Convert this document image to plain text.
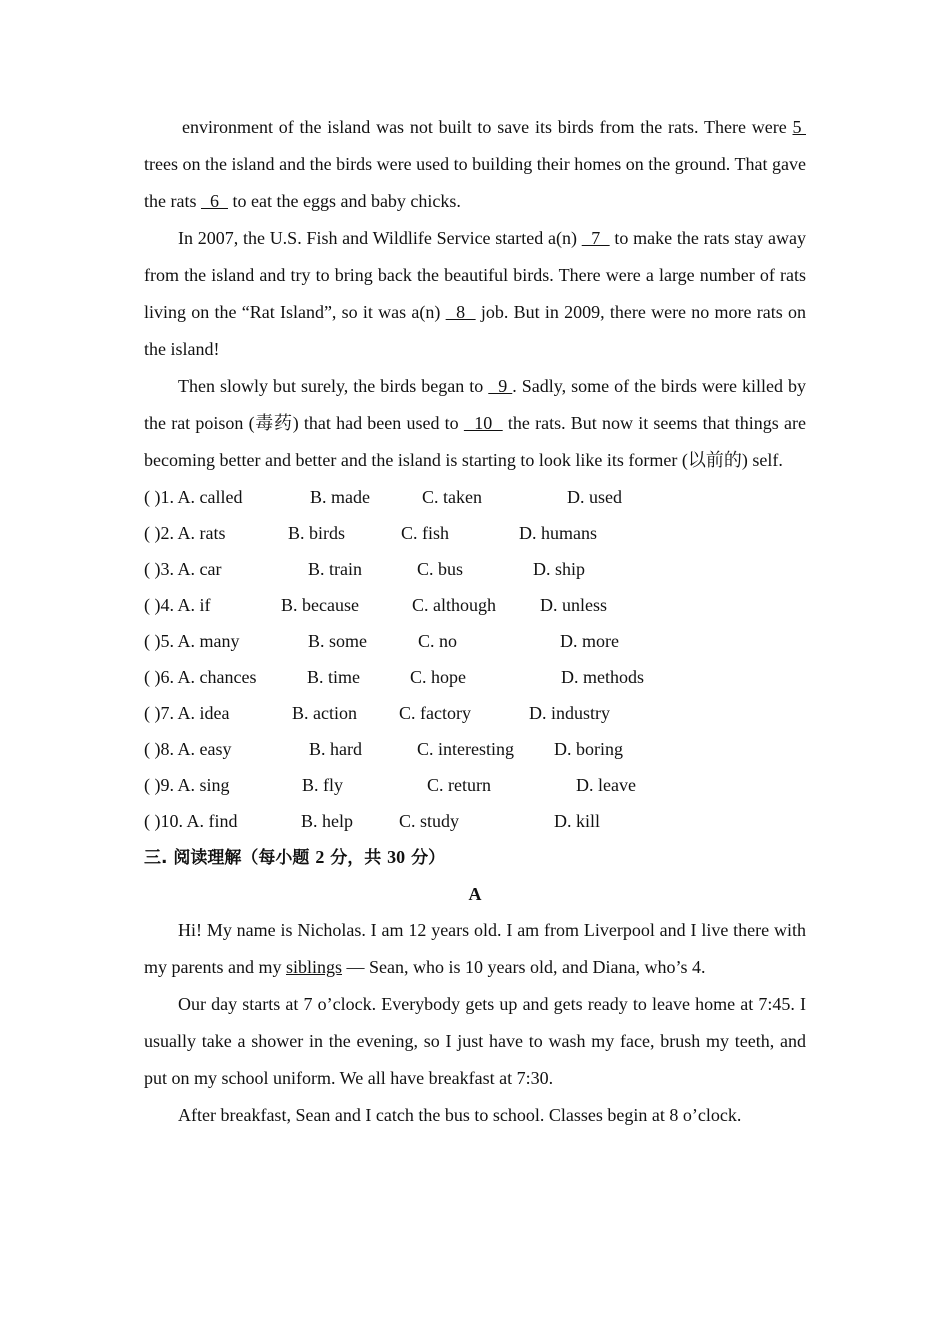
environment of the island was not built to save its birds from the rats. There were 5  trees on the island and the birds were used to building their homes on the ground. That gave the rats   6   to eat the eggs and baby chicks.

In 2007, the U.S. Fish and Wildlife Service started a(n)   7   to make the rats stay away from the island and try to bring back the beautiful birds. There were a large number of rats living on the “Rat Island”, so it was a(n)   8   job. But in 2009, there were no more rats on the island!

Then slowly but surely, the birds began to   9 . Sadly, some of the birds were killed by the rat poison (毒药) that had been used to   10   the rats. But now it seems that things are becoming better and better and the island is starting to look like its former (以前的) self.

( )1. A. called	B. made	C. taken	D. used
( )2. A. rats	B. birds	C. fish	D. humans
( )3. A. car	B. train	C. bus	D. ship
( )4. A. if	B. because	C. although D. unless
( )5. A. many	B. some	C. no	D. more
( )6. A. chances	B. time	C. hope	D. methods
( )7. A. idea	B. action C. factory	D. industry
( )8. A. easy	B. hard	C. interesting D. boring
( )9. A. sing	B. fly	C. return	D. leave
( )10. A. find	B. help	C. study	D. kill

三. 阅读理解（每小题 2 分，共 30 分）

A

Hi! My name is Nicholas. I am 12 years old. I am from Liverpool and I live there with my parents and my siblings — Sean, who is 10 years old, and Diana, who’s 4.

Our day starts at 7 o’clock. Everybody gets up and gets ready to leave home at 7:45. I usually take a shower in the evening, so I just have to wash my face, brush my teeth, and put on my school uniform. We all have breakfast at 7:30.

After breakfast, Sean and I catch the bus to school. Classes begin at 8 o’clock.
